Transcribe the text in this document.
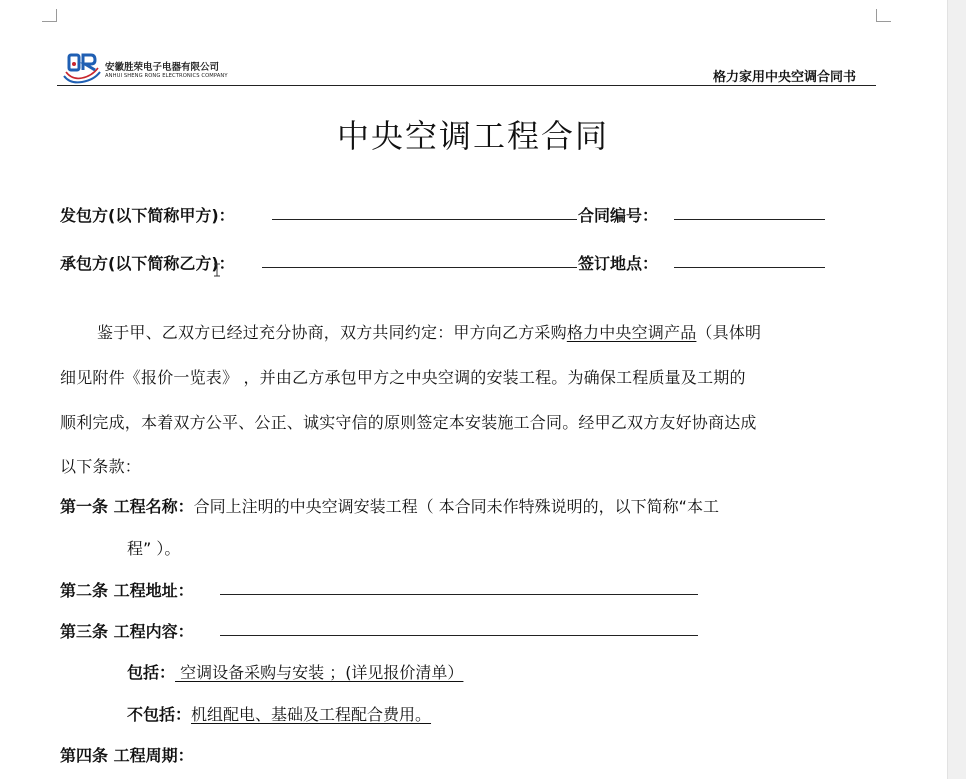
安徽胜荣电子电器有限公司
ANHUI SHENG RONG ELECTRONICS COMPANY	格力家用中央空调合同书
中央空调工程合同
发包方(以下简称甲方)：	合同编号：
承包方(以下简称乙方)：	签订地点：
鉴于甲、乙双方已经过充分协商，双方共同约定：甲方向乙方采购格力中央空调产品（具体明
细见附件《报价一览表》 ，并由乙方承包甲方之中央空调的安装工程。为确保工程质量及工期的
顺利完成，本着双方公平、公正、诚实守信的原则签定本安装施工合同。经甲乙双方友好协商达成
以下条款：
第一条 工程名称：合同上注明的中央空调安装工程（ 本合同未作特殊说明的，以下简称“本工
程” ）。
第二条 工程地址：
第三条 工程内容：
包括： 空调设备采购与安装 ；(详见报价清单）
不包括：机组配电、基础及工程配合费用。
第四条 工程周期：
